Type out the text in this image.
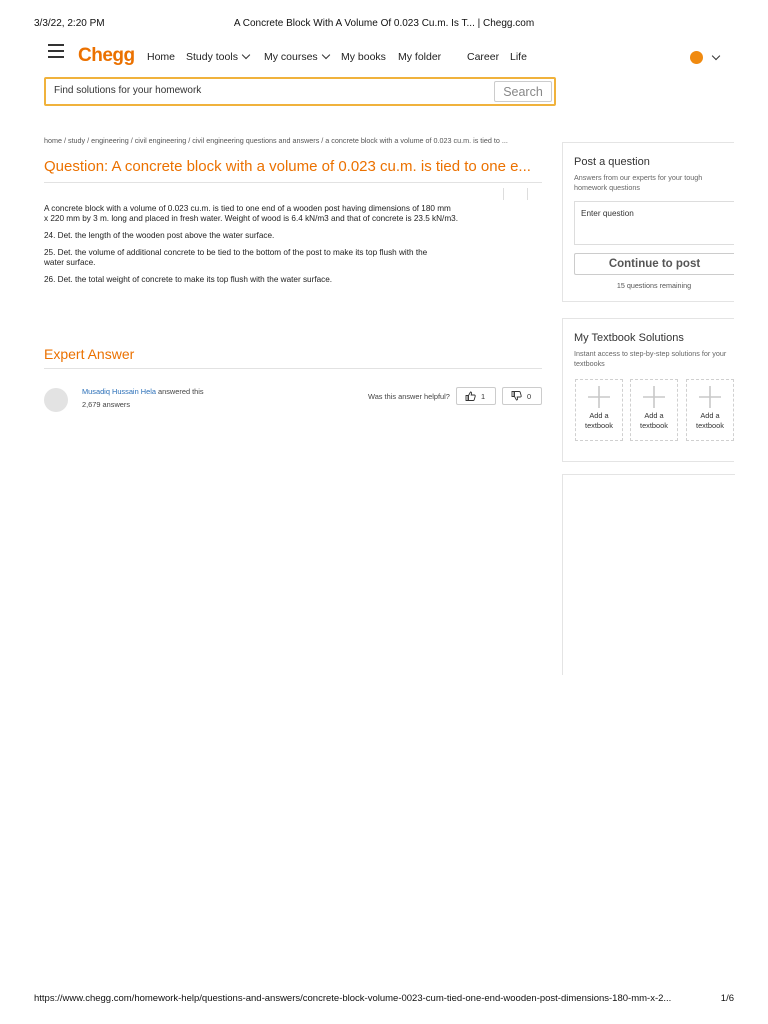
3/3/22, 2:20 PM	A Concrete Block With A Volume Of 0.023 Cu.m. Is T... | Chegg.com
Chegg Home Study tools	My courses	My books My folder Career Life
Find solutions for your homework
Search
home / study / engineering / civil engineering / civil engineering questions and answers / a concrete block with a volume of 0.023 cu.m. is tied to ...
Question: A concrete block with a volume of 0.023 cu.m. is tied to one e...

A concrete block with a volume of 0.023 cu.m. is tied to one end of a wooden post having dimensions of 180 mm
x 220 mm by 3 m. long and placed in fresh water. Weight of wood is 6.4 kN/m3 and that of concrete is 23.5 kN/m3.

24. Det. the length of the wooden post above the water surface.

25. Det. the volume of additional concrete to be tied to the bottom of the post to make its top flush with the
water surface.

26. Det. the total weight of concrete to make its top flush with the water surface.

Expert Answer
Musadiq Hussain Hela answered this
2,679 answers
Was this answer helpful?	1	0
Post a question
Answers from our experts for your tough homework questions
Enter question
Continue to post
15 questions remaining
My Textbook Solutions
Instant access to step-by-step solutions for your textbooks
Add a
textbook
Add a
textbook
Add a
textbook
https://www.chegg.com/homework-help/questions-and-answers/concrete-block-volume-0023-cum-tied-one-end-wooden-post-dimensions-180-mm-x-2...	1/6
